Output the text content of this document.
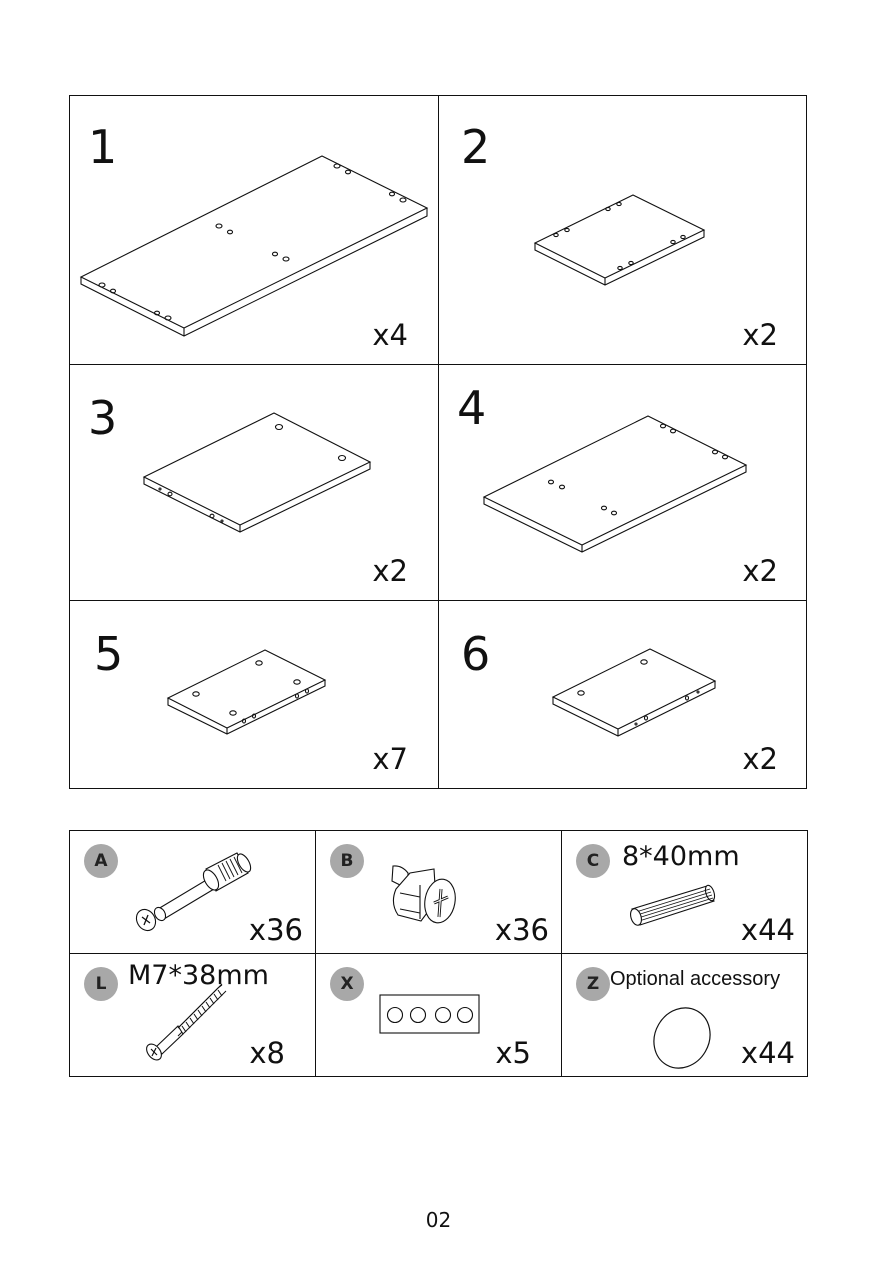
1
x4
2
x2
3
x2
4
x2
5
x7
6
x2
A
x36
B
x36
C 8*40mm
x44
L M7*38mm
x8
X
x5
Z Optional accessory
x44
02
